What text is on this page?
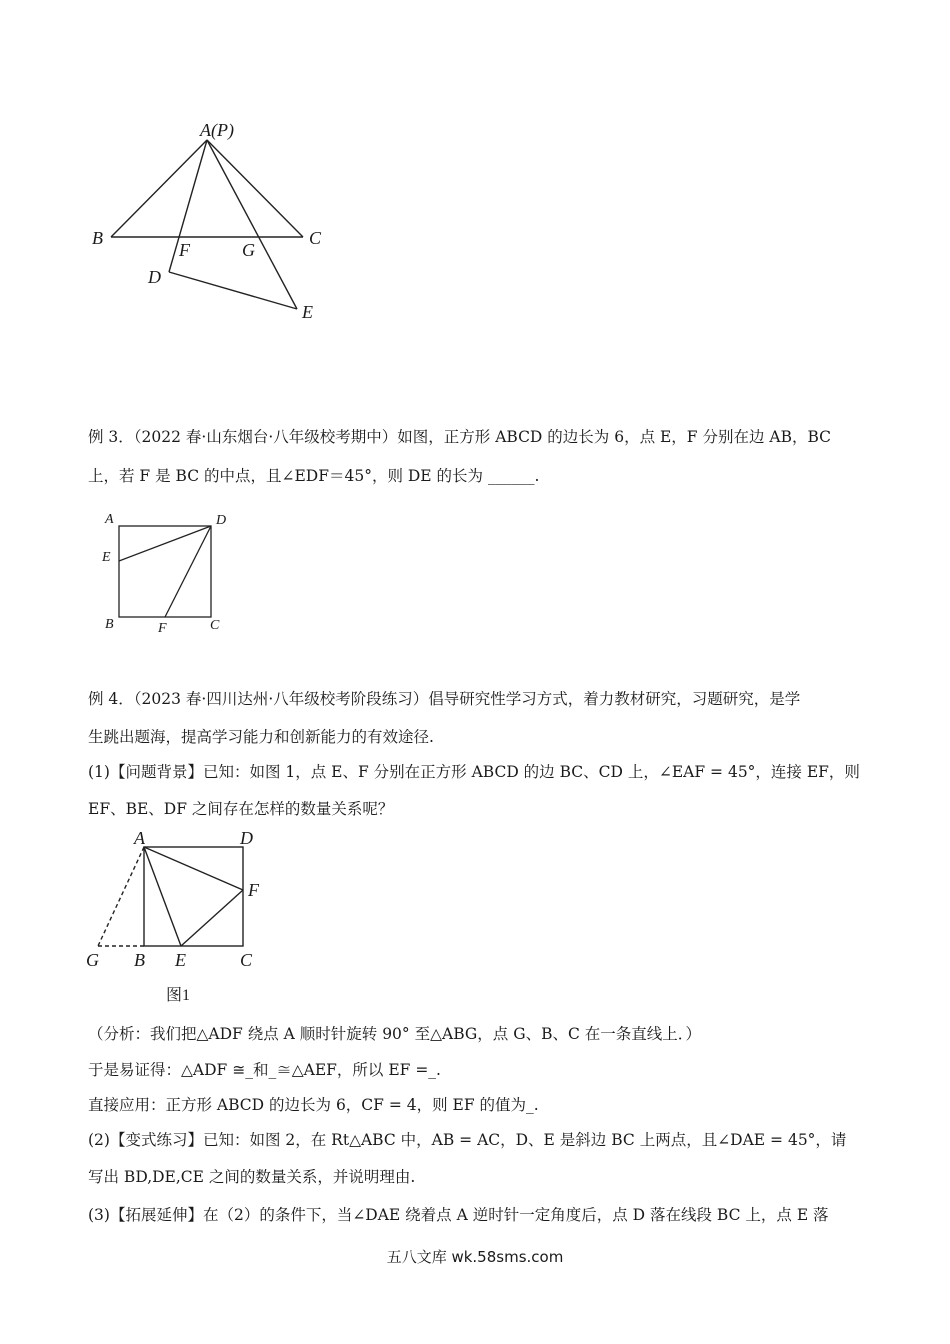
A(P)
B	C
F	G
D
E
例 3．（2022 春·山东烟台·八年级校考期中）如图，正方形 ABCD 的边长为 6，点 E，F 分别在边 AB，BC
上，若 F 是 BC 的中点，且∠EDF＝45°，则 DE 的长为 ______.
A	D
E
B	F	C
例 4．（2023 春·四川达州·八年级校考阶段练习）倡导研究性学习方式，着力教材研究，习题研究，是学
生跳出题海，提高学习能力和创新能力的有效途径.
(1)【问题背景】已知：如图 1，点 E、F 分别在正方形 ABCD 的边 BC、CD 上，∠EAF = 45°，连接 EF，则
EF、BE、DF 之间存在怎样的数量关系呢？
A	D
F
G B E	C
图1
（分析：我们把△ADF 绕点 A 顺时针旋转 90° 至△ABG，点 G、B、C 在一条直线上．）
于是易证得：△ADF ≅_和_≅△AEF，所以 EF =_.
直接应用：正方形 ABCD 的边长为 6，CF = 4，则 EF 的值为_.
(2)【变式练习】已知：如图 2，在 Rt△ABC 中，AB = AC，D、E 是斜边 BC 上两点，且∠DAE = 45°，请
写出 BD,DE,CE 之间的数量关系，并说明理由.
(3)【拓展延伸】在（2）的条件下，当∠DAE 绕着点 A 逆时针一定角度后，点 D 落在线段 BC 上，点 E 落
五八文库 wk.58sms.com
